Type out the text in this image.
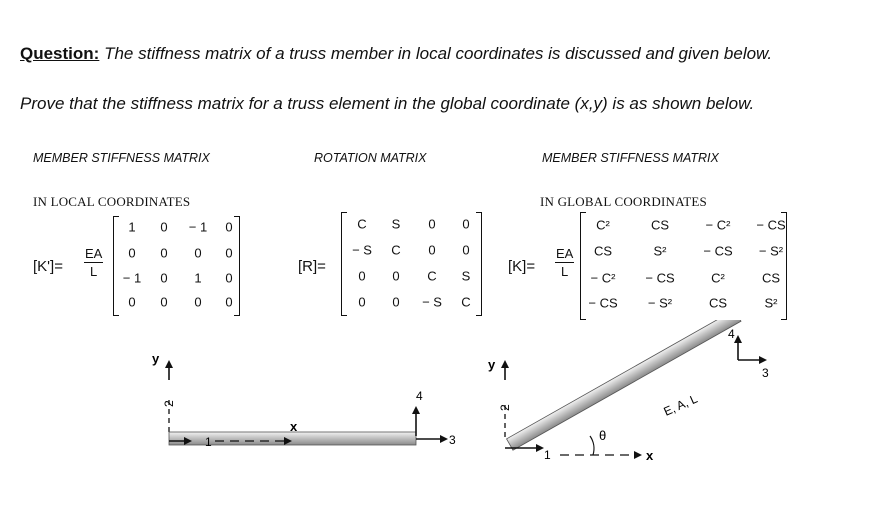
Question: The stiffness matrix of a truss member in local coordinates is discussed and given below.
Prove that the stiffness matrix for a truss element in the global coordinate (x,y) is as shown below.
MEMBER STIFFNESS MATRIX	ROTATION MATRIX	MEMBER STIFFNESS MATRIX
IN LOCAL COORDINATES	IN GLOBAL COORDINATES
$[K']= \frac{EA}{L}$
1 0 − 1 0
0 0 0 0
− 1 0 1 0
0 0 0 0
[R]=
C S 0 0
− S C 0 0
0 0 C S
0 0 − S C
$[K]= \frac{EA}{L}$
C²	CS	− C² − CS
CS	S²	− CS − S²
− C² − CS	C²	CS
− CS − S²	CS	S²
y
2
1
x
4
3
y
2
1	x
θ
E, A, L
4
3
